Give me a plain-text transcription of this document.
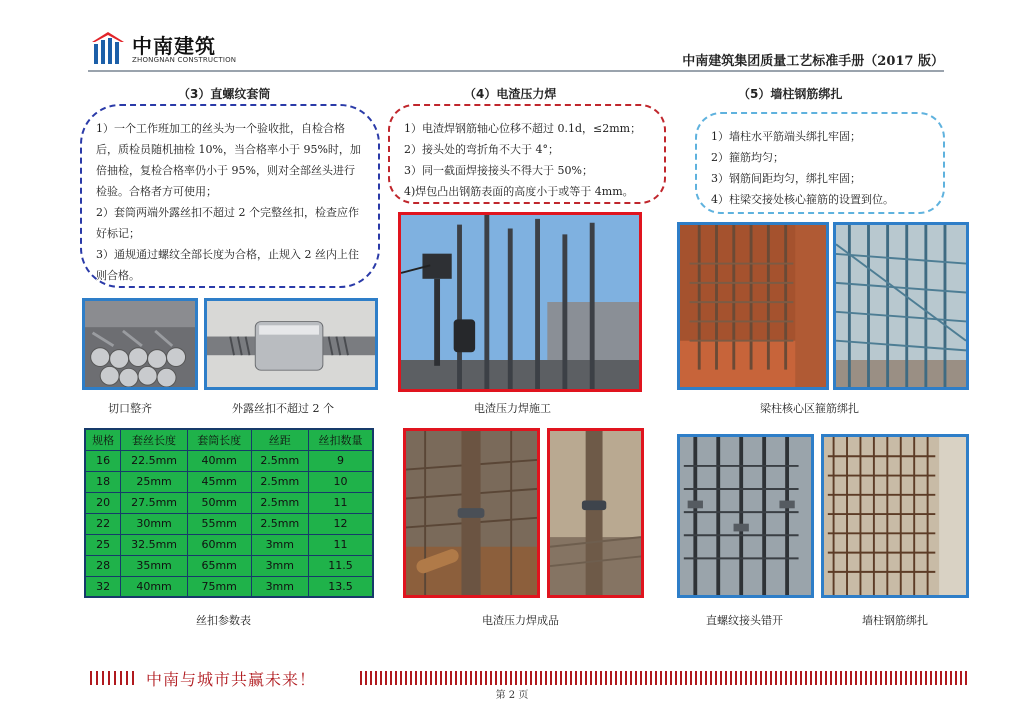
中南建筑
ZHONGNAN CONSTRUCTION	中南建筑集团质量工艺标准手册（2017 版）
（3）直螺纹套筒	（4）电渣压力焊	（5）墙柱钢筋绑扎

1）一个工作班加工的丝头为一个验收批，自检合格后，质检员随机抽检 10%，当合格率小于 95%时，加倍抽检，复检合格率仍小于 95%，则对全部丝头进行检验。合格者方可使用；
2）套筒两端外露丝扣不超过 2 个完整丝扣，检查应作好标记；
3）通规通过螺纹全部长度为合格，止规入 2 丝内上住则合格。

1）电渣焊钢筋轴心位移不超过 0.1d，≤2mm；
2）接头处的弯折角不大于 4°；
3）同一截面焊接接头不得大于 50%；
4)焊包凸出钢筋表面的高度小于或等于 4mm。

1）墙柱水平筋端头绑扎牢固；
2）箍筋均匀；
3）钢筋间距均匀，绑扎牢固；
4）柱梁交接处核心箍筋的设置到位。

切口整齐	外露丝扣不超过 2 个	电渣压力焊施工	梁柱核心区箍筋绑扎
规格	套丝长度	套筒长度	丝距	丝扣数量
16	22.5mm	40mm	2.5mm	9
18	25mm	45mm	2.5mm	10
20	27.5mm	50mm	2.5mm	11
22	30mm	55mm	2.5mm	12
25	32.5mm	60mm	3mm	11
28	35mm	65mm	3mm	11.5
32	40mm	75mm	3mm	13.5
丝扣参数表	电渣压力焊成品	直螺纹接头错开	墙柱钢筋绑扎
中南与城市共赢未来！
第 2 页
